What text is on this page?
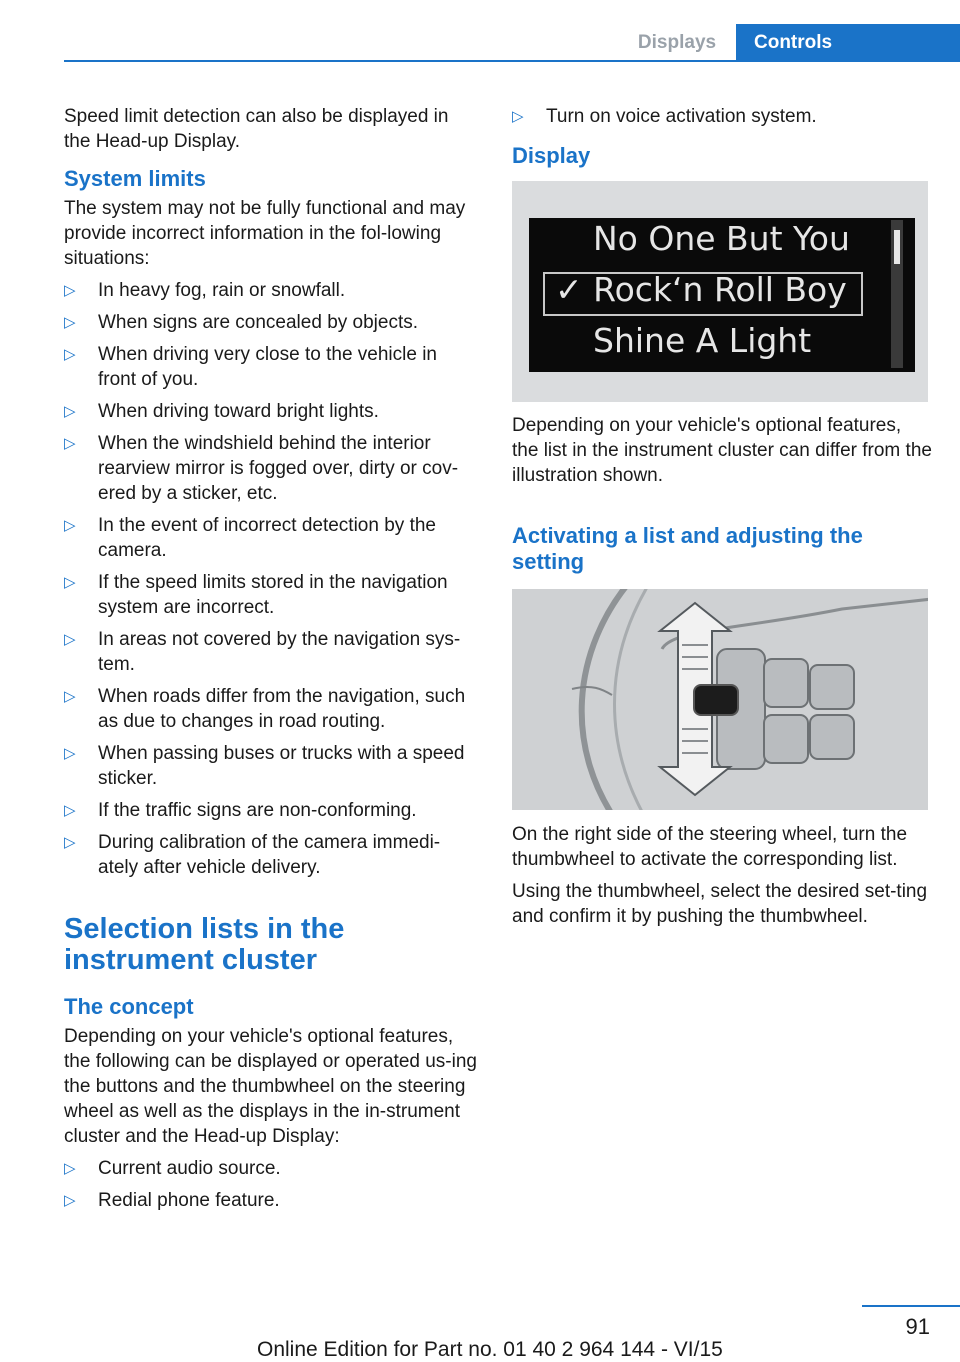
Displays	Controls

Speed limit detection can also be displayed in the Head-up Display.

System limits

The system may not be fully functional and may provide incorrect information in the fol-lowing situations:

▷ In heavy fog, rain or snowfall.
▷ When signs are concealed by objects.
▷ When driving very close to the vehicle in front of you.
▷ When driving toward bright lights.
▷ When the windshield behind the interior rearview mirror is fogged over, dirty or cov-ered by a sticker, etc.
▷ In the event of incorrect detection by the camera.
▷ If the speed limits stored in the navigation system are incorrect.
▷ In areas not covered by the navigation sys-tem.
▷ When roads differ from the navigation, such as due to changes in road routing.
▷ When passing buses or trucks with a speed sticker.
▷ If the traffic signs are non-conforming.
▷ During calibration of the camera immedi-ately after vehicle delivery.
Selection lists in the instrument cluster
The concept

Depending on your vehicle's optional features, the following can be displayed or operated us-ing the buttons and the thumbwheel on the steering wheel as well as the displays in the in-strument cluster and the Head-up Display:

▷ Current audio source.
▷ Redial phone feature.
▷ Turn on voice activation system.
Display
No One But You
✓ Rock‘n Roll Boy
Shine A Light

Depending on your vehicle's optional features, the list in the instrument cluster can differ from the illustration shown.

Activating a list and adjusting the setting

On the right side of the steering wheel, turn the thumbwheel to activate the corresponding list.

Using the thumbwheel, select the desired set-ting and confirm it by pushing the thumbwheel.

91
Online Edition for Part no. 01 40 2 964 144 - VI/15
